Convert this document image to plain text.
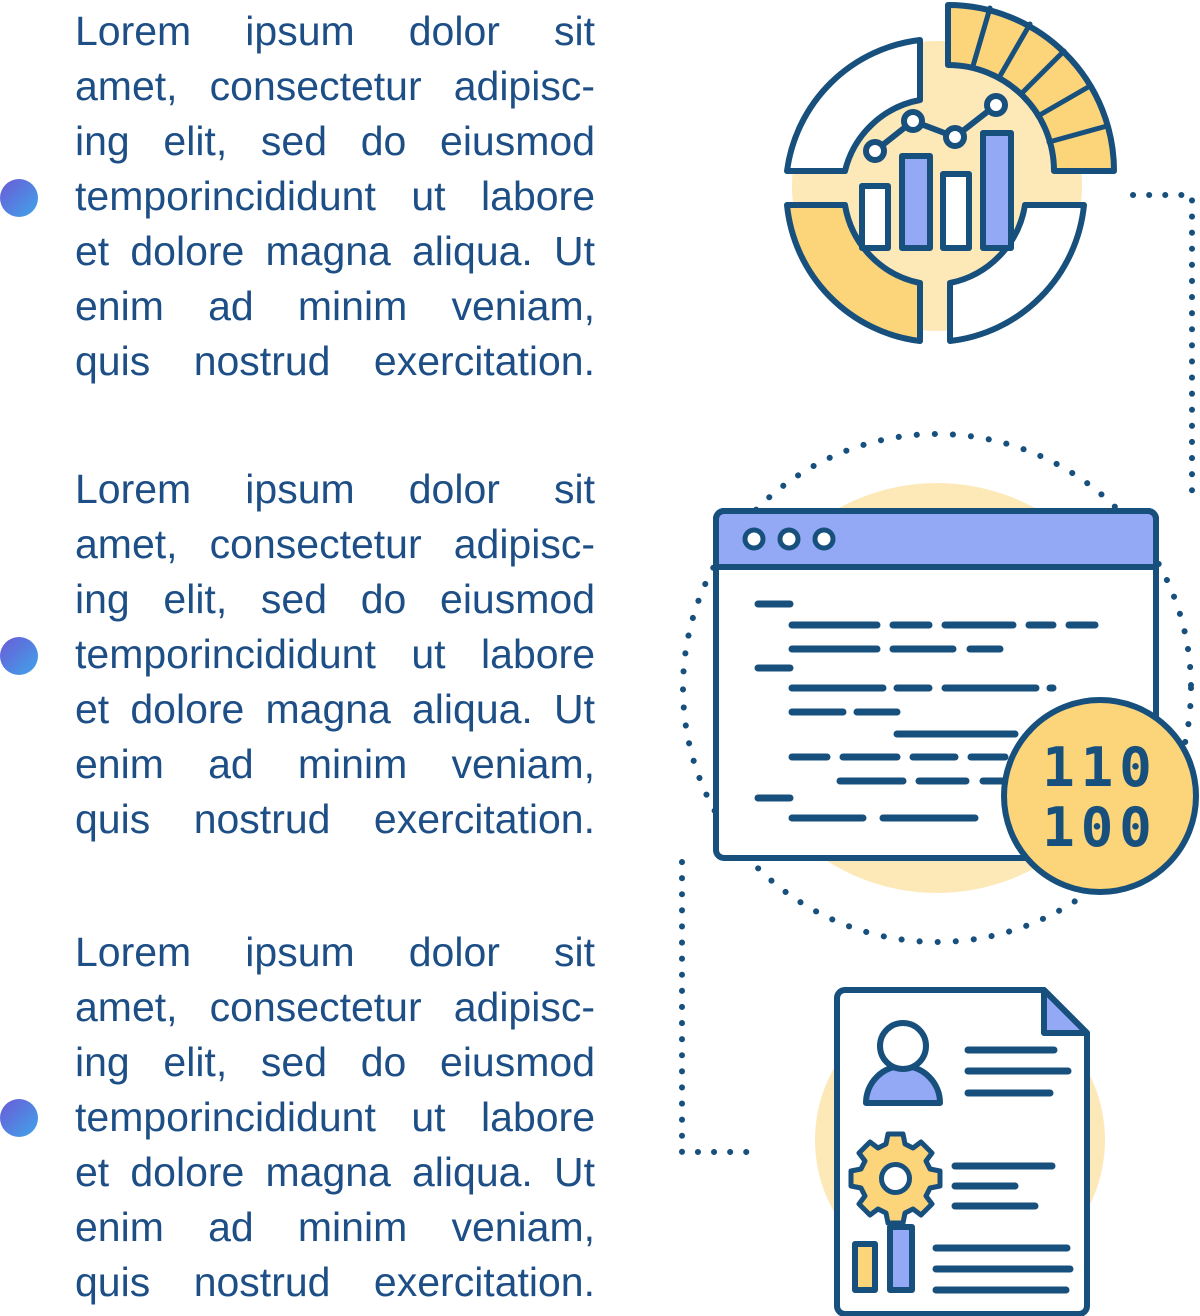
Lorem ipsum dolor sit
amet, consectetur adipisc-
ing elit, sed do eiusmod
temporincididunt ut labore
et dolore magna aliqua. Ut
enim ad minim veniam,
quis nostrud exercitation.
Lorem ipsum dolor sit
amet, consectetur adipisc-
ing elit, sed do eiusmod
temporincididunt ut labore
et dolore magna aliqua. Ut
enim ad minim veniam,
quis nostrud exercitation.
Lorem ipsum dolor sit
amet, consectetur adipisc-
ing elit, sed do eiusmod
temporincididunt ut labore
et dolore magna aliqua. Ut
enim ad minim veniam,
quis nostrud exercitation.
110
100
